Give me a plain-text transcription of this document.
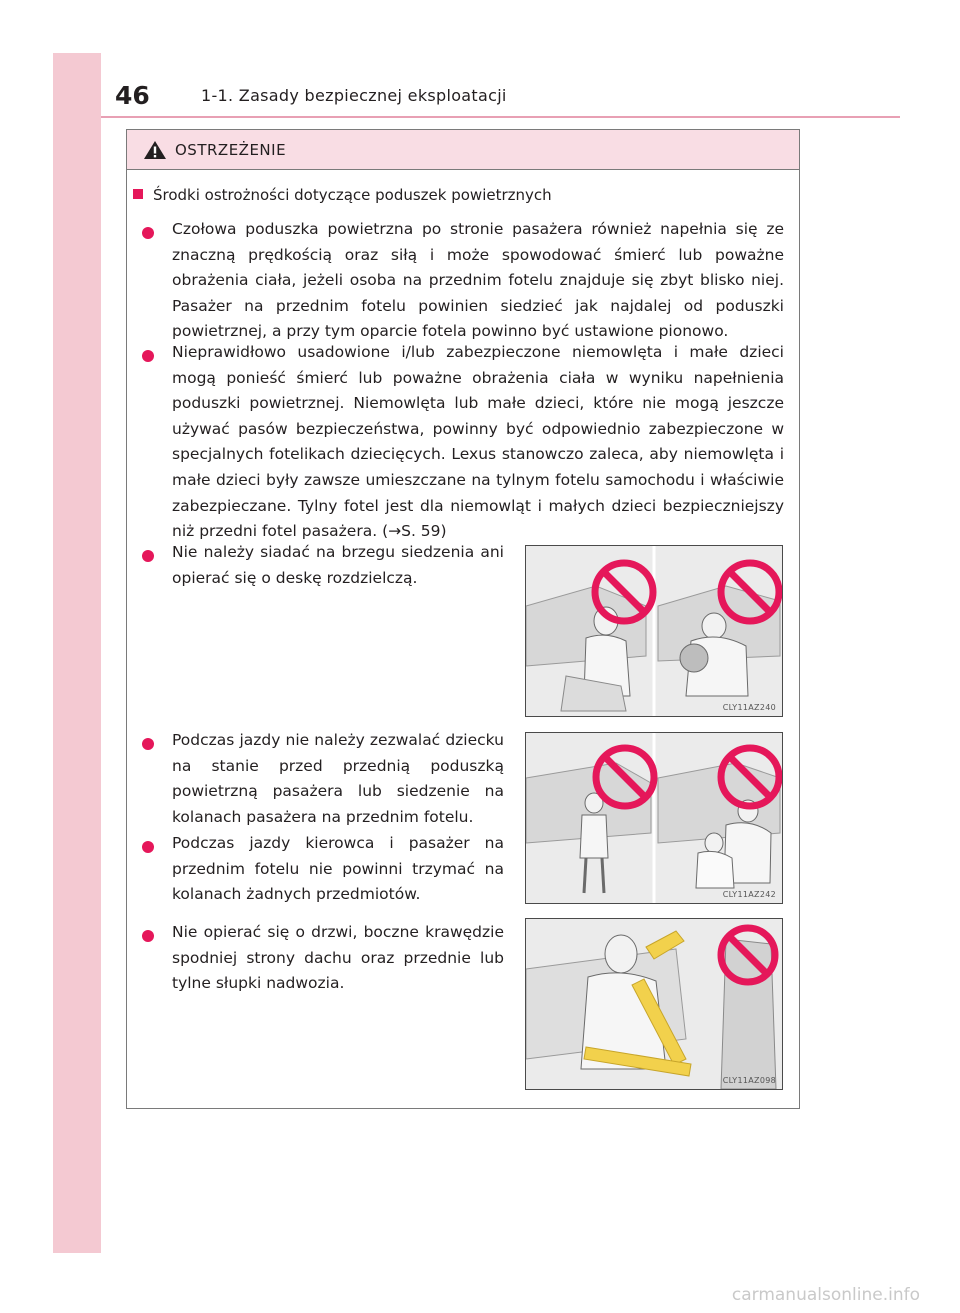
46	1-1. Zasady bezpiecznej eksploatacji
OSTRZEŻENIE
Środki ostrożności dotyczące poduszek powietrznych
Czołowa poduszka powietrzna po stronie pasażera również napełnia się ze znaczną prędkością oraz siłą i może spowodować śmierć lub poważne obrażenia ciała, jeżeli osoba na przednim fotelu znajduje się zbyt blisko niej. Pasażer na przednim fotelu powinien siedzieć jak najdalej od poduszki powietrznej, a przy tym oparcie fotela powinno być ustawione pionowo.
Nieprawidłowo usadowione i/lub zabezpieczone niemowlęta i małe dzieci mogą ponieść śmierć lub poważne obrażenia ciała w wyniku napełnienia poduszki powietrznej. Niemowlęta lub małe dzieci, które nie mogą jeszcze używać pasów bezpieczeństwa, powinny być odpowiednio zabezpieczone w specjalnych fotelikach dziecięcych. Lexus stanowczo zaleca, aby niemowlęta i małe dzieci były zawsze umieszczane na tylnym fotelu samochodu i właściwie zabezpieczane. Tylny fotel jest dla niemowląt i małych dzieci bezpieczniejszy niż przedni fotel pasażera. (→S. 59)
Nie należy siadać na brzegu siedzenia ani opierać się o deskę rozdzielczą.
Podczas jazdy nie należy zezwalać dziecku na stanie przed przednią poduszką powietrzną pasażera lub siedzenie na kolanach pasażera na przednim fotelu.
Podczas jazdy kierowca i pasażer na przednim fotelu nie powinni trzymać na kolanach żadnych przedmiotów.
Nie opierać się o drzwi, boczne krawędzie spodniej strony dachu oraz przednie lub tylne słupki nadwozia.
CLY11AZ240
CLY11AZ242
CLY11AZ098
carmanualsonline.info
